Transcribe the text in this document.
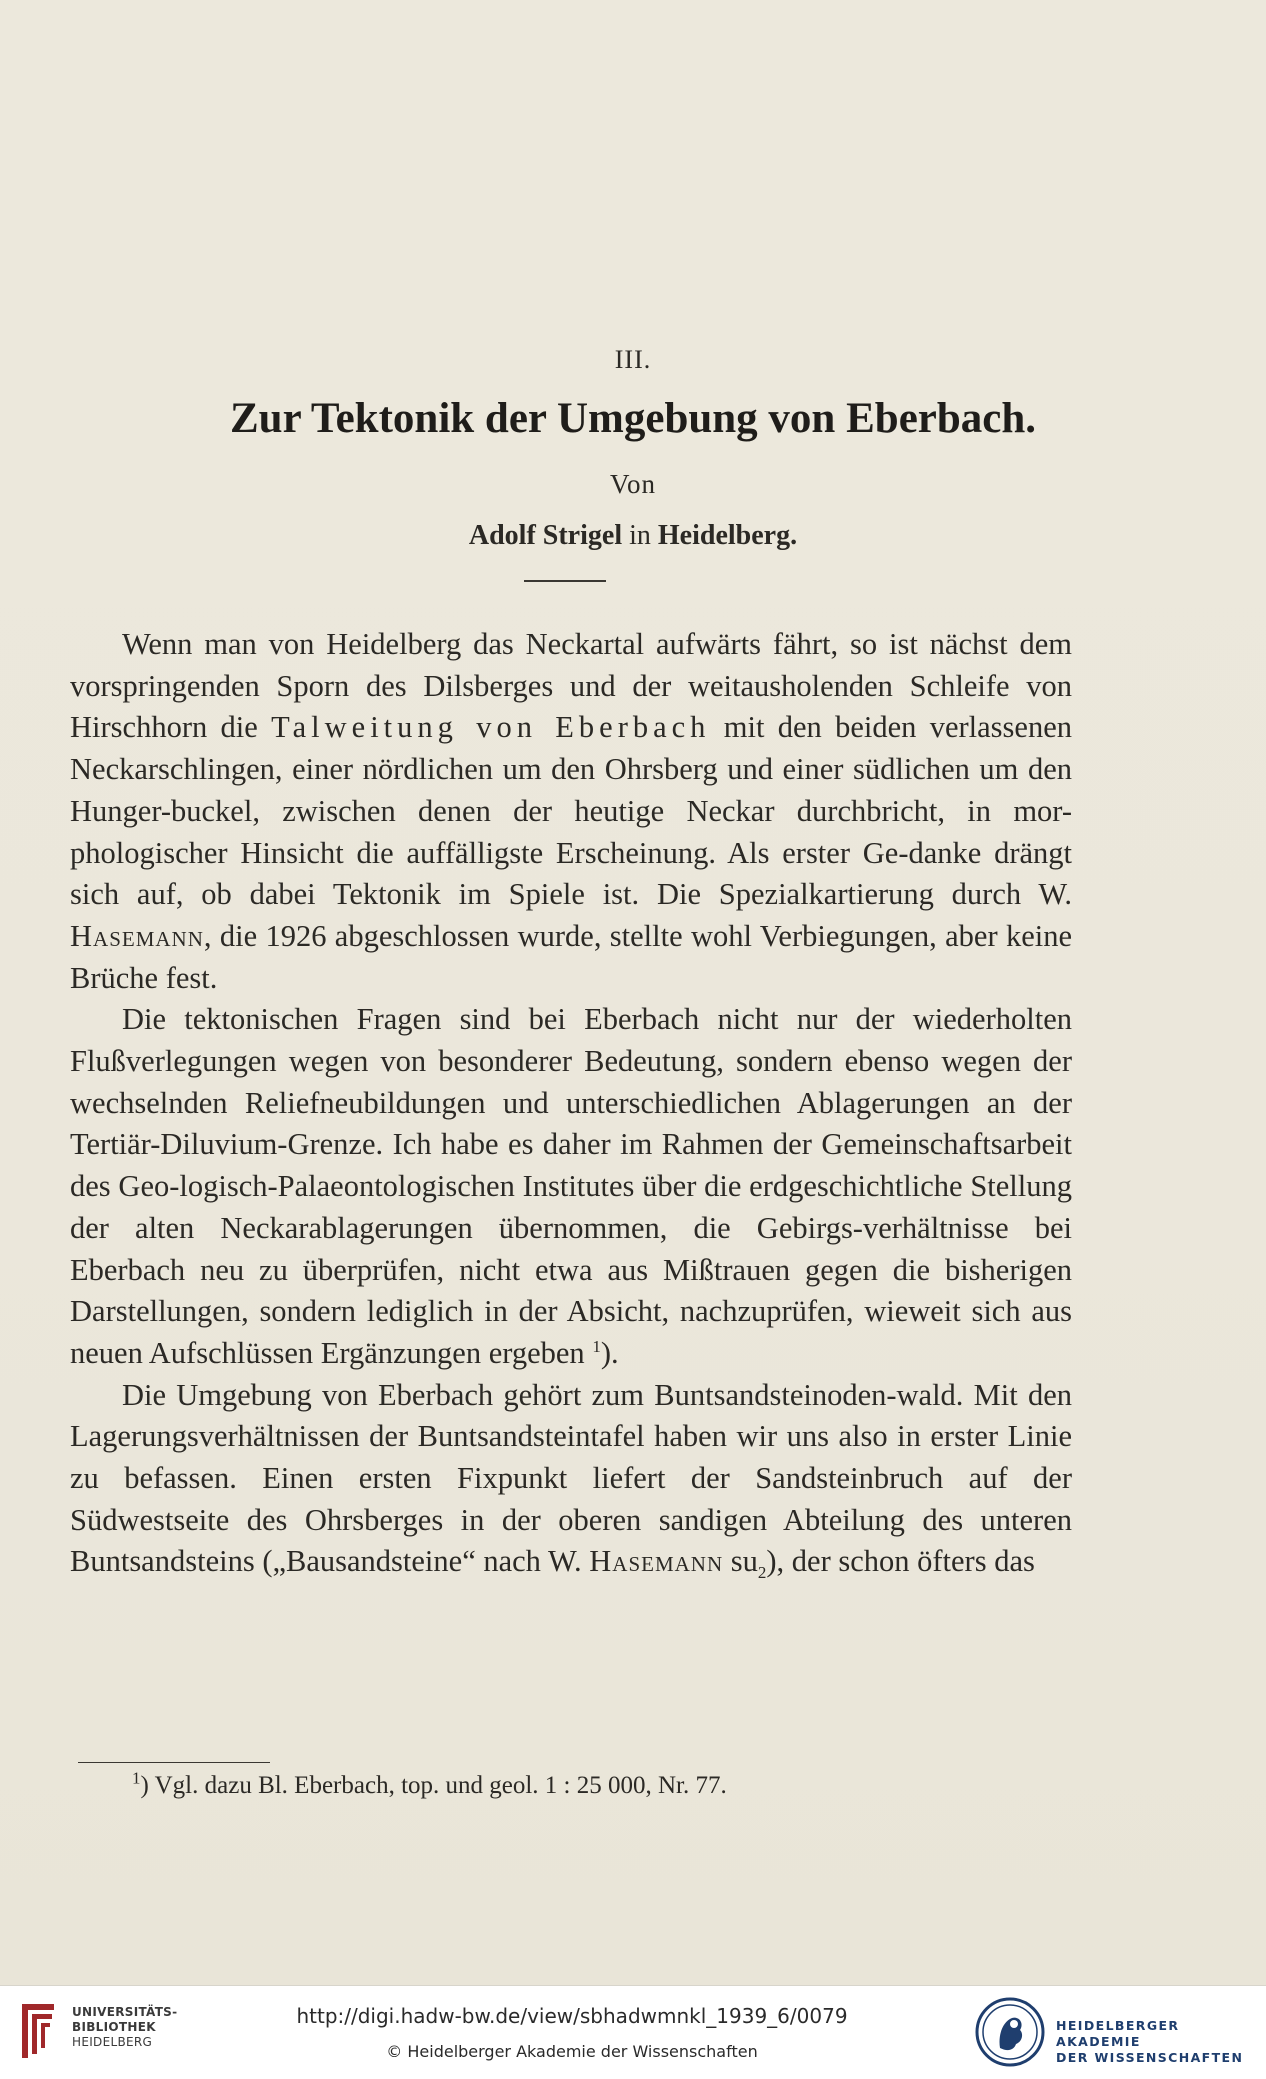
III.
Zur Tektonik der Umgebung von Eberbach.
Von
Adolf Strigel in Heidelberg.

Wenn man von Heidelberg das Neckartal aufwärts fährt, so ist nächst dem vorspringenden Sporn des Dilsberges und der weitausholenden Schleife von Hirschhorn die Talweitung von Eberbach mit den beiden verlassenen Neckarschlingen, einer nördlichen um den Ohrsberg und einer südlichen um den Hunger-buckel, zwischen denen der heutige Neckar durchbricht, in mor-phologischer Hinsicht die auffälligste Erscheinung. Als erster Ge-danke drängt sich auf, ob dabei Tektonik im Spiele ist. Die Spezialkartierung durch W. Hasemann, die 1926 abgeschlossen wurde, stellte wohl Verbiegungen, aber keine Brüche fest.

Die tektonischen Fragen sind bei Eberbach nicht nur der wiederholten Flußverlegungen wegen von besonderer Bedeutung, sondern ebenso wegen der wechselnden Reliefneubildungen und unterschiedlichen Ablagerungen an der Tertiär-Diluvium-Grenze. Ich habe es daher im Rahmen der Gemeinschaftsarbeit des Geo-logisch-Palaeontologischen Institutes über die erdgeschichtliche Stellung der alten Neckarablagerungen übernommen, die Gebirgs-verhältnisse bei Eberbach neu zu überprüfen, nicht etwa aus Mißtrauen gegen die bisherigen Darstellungen, sondern lediglich in der Absicht, nachzuprüfen, wieweit sich aus neuen Aufschlüssen Ergänzungen ergeben $^1$).

Die Umgebung von Eberbach gehört zum Buntsandsteinoden-wald. Mit den Lagerungsverhältnissen der Buntsandsteintafel haben wir uns also in erster Linie zu befassen. Einen ersten Fixpunkt liefert der Sandsteinbruch auf der Südwestseite des Ohrsberges in der oberen sandigen Abteilung des unteren Buntsandsteins („Bausandsteine“ nach W. Hasemann $su_2$), der schon öfters das

$^1$) Vgl. dazu Bl. Eberbach, top. und geol. 1 : 25 000, Nr. 77.
UNIVERSITÄTS-
BIBLIOTHEK
HEIDELBERG
http://digi.hadw-bw.de/view/sbhadwmnkl_1939_6/0079
© Heidelberger Akademie der Wissenschaften
HEIDELBERGER AKADEMIE
DER WISSENSCHAFTEN
